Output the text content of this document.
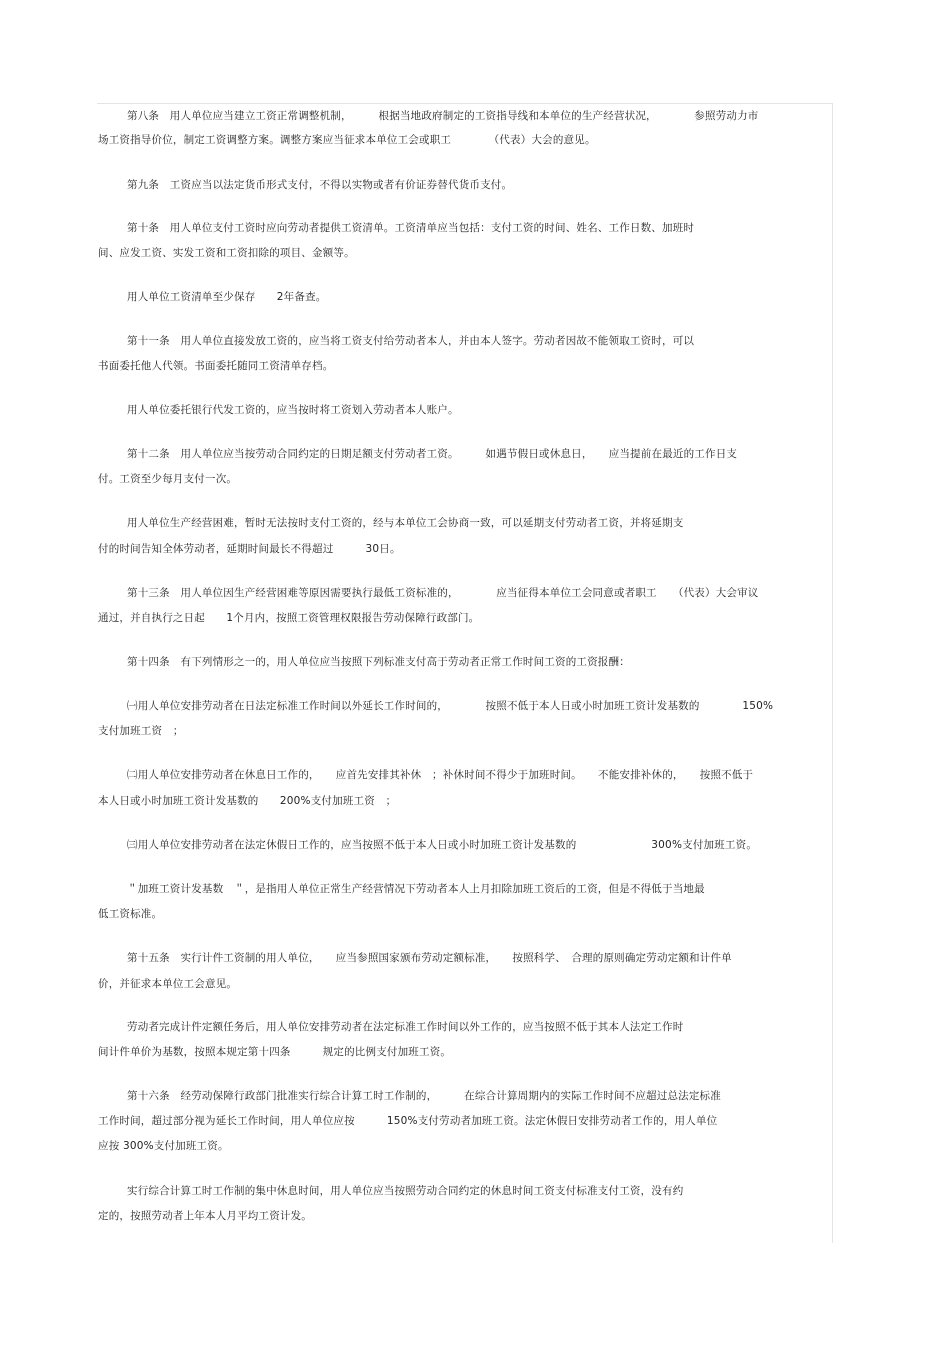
第八条　用人单位应当建立工资正常调整机制，　　　根据当地政府制定的工资指导线和本单位的生产经营状况，　　　　参照劳动力市
场工资指导价位，制定工资调整方案。调整方案应当征求本单位工会或职工　　　　（代表）大会的意见。
第九条　工资应当以法定货币形式支付，不得以实物或者有价证券替代货币支付。
第十条　用人单位支付工资时应向劳动者提供工资清单。工资清单应当包括：支付工资的时间、姓名、工作日数、加班时
间、应发工资、实发工资和工资扣除的项目、金额等。
用人单位工资清单至少保存　　2年备查。
第十一条　用人单位直接发放工资的，应当将工资支付给劳动者本人，并由本人签字。劳动者因故不能领取工资时，可以
书面委托他人代领。书面委托随同工资清单存档。
用人单位委托银行代发工资的，应当按时将工资划入劳动者本人账户。
第十二条　用人单位应当按劳动合同约定的日期足额支付劳动者工资。　　　如遇节假日或休息日，　　应当提前在最近的工作日支
付。工资至少每月支付一次。
用人单位生产经营困难，暂时无法按时支付工资的，经与本单位工会协商一致，可以延期支付劳动者工资，并将延期支
付的时间告知全体劳动者，延期时间最长不得超过　　　30日。
第十三条　用人单位因生产经营困难等原因需要执行最低工资标准的，　　　　应当征得本单位工会同意或者职工　　（代表）大会审议
通过，并自执行之日起　　1个月内，按照工资管理权限报告劳动保障行政部门。
第十四条　有下列情形之一的，用人单位应当按照下列标准支付高于劳动者正常工作时间工资的工资报酬：
㈠用人单位安排劳动者在日法定标准工作时间以外延长工作时间的，　　　　按照不低于本人日或小时加班工资计发基数的　　　　150%
支付加班工资　；
㈡用人单位安排劳动者在休息日工作的，　　应首先安排其补休　；补休时间不得少于加班时间。　　不能安排补休的，　　按照不低于
本人日或小时加班工资计发基数的　　200%支付加班工资　；
㈢用人单位安排劳动者在法定休假日工作的，应当按照不低于本人日或小时加班工资计发基数的　　　　　　　300%支付加班工资。
＂加班工资计发基数　＂，是指用人单位正常生产经营情况下劳动者本人上月扣除加班工资后的工资，但是不得低于当地最
低工资标准。
第十五条　实行计件工资制的用人单位，　　应当参照国家颁布劳动定额标准，　　按照科学、　合理的原则确定劳动定额和计件单
价，并征求本单位工会意见。
劳动者完成计件定额任务后，用人单位安排劳动者在法定标准工作时间以外工作的，应当按照不低于其本人法定工作时
间计件单价为基数，按照本规定第十四条　　　规定的比例支付加班工资。
第十六条　经劳动保障行政部门批准实行综合计算工时工作制的，　　　在综合计算周期内的实际工作时间不应超过总法定标准
工作时间，超过部分视为延长工作时间，用人单位应按　　　150%支付劳动者加班工资。法定休假日安排劳动者工作的，用人单位
应按 300%支付加班工资。
实行综合计算工时工作制的集中休息时间，用人单位应当按照劳动合同约定的休息时间工资支付标准支付工资，没有约
定的，按照劳动者上年本人月平均工资计发。
